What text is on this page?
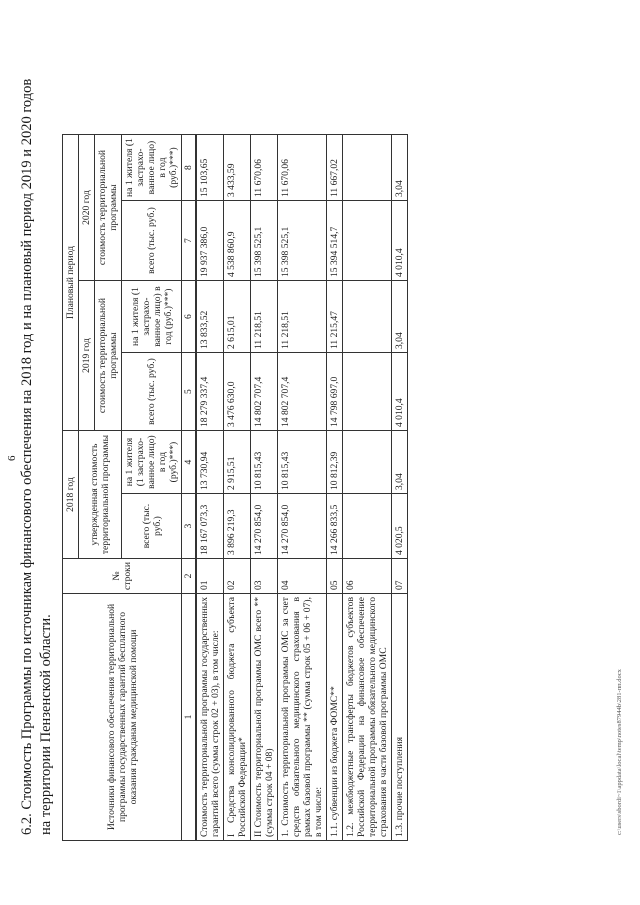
6 6.2. Стоимость Программы по источникам финансового обеспечения на 2018 год и на плановый период 2019 и 2020 годов на территории Пензенской области.	Источники финансового обеспечения территориальной программы государственных гарантий бесплатного оказания гражданам медицинской помощи	№ строки	2018 год		Плановый период			
		утвержденная стоимость территориальной программы		2019 год		2020 год	
				стоимость территориальной программы		стоимость территориальной программы	
		всего (тыс. руб.)	на 1 жителя (1 застрахо-ванное лицо) в год (руб.)***)	всего (тыс. руб.)	на 1 жителя (1 застрахо-ванное лицо) в год (руб.)***)	всего (тыс. руб.)	на 1 жителя (1 застрахо-ванное лицо) в год (руб.)***)
1	2	3	4	5	6	7	8
Стоимость территориальной программы государственных гарантий всего (сумма строк 02 + 03), в том числе:	01	18 167 073,3	13 730,94	18 279 337,4	13 833,52	19 937 386,0	15 103,65
I Средства консолидированного бюджета субъекта Российской Федерации*	02	3 896 219,3	2 915,51	3 476 630,0	2 615,01	4 538 860,9	3 433,59
II Стоимость территориальной программы ОМС всего ** (сумма строк 04 + 08)	03	14 270 854,0	10 815,43	14 802 707,4	11 218,51	15 398 525,1	11 670,06
1. Стоимость территориальной программы ОМС за счет средств обязательного медицинского страхования в рамках базовой программы ** (сумма строк 05 + 06 + 07), в том числе:	04	14 270 854,0	10 815,43	14 802 707,4	11 218,51	15 398 525,1	11 670,06
1.1. субвенции из бюджета ФОМС**	05	14 266 833,5	10 812,39	14 798 697,0	11 215,47	15 394 514,7	11 667,02
1.2. межбюджетные трансферты бюджетов субъектов Российской Федерации на финансовое обеспечение территориальной программы обязательного медицинского страхования в части базовой программы ОМС	06						
1.3. прочие поступления	07	4 020,5	3,04	4 010,4	3,04	4 010,4	3,04
c:\users\sbordi~1\appdata\local\temp\notes87944b\281-пп.docx
